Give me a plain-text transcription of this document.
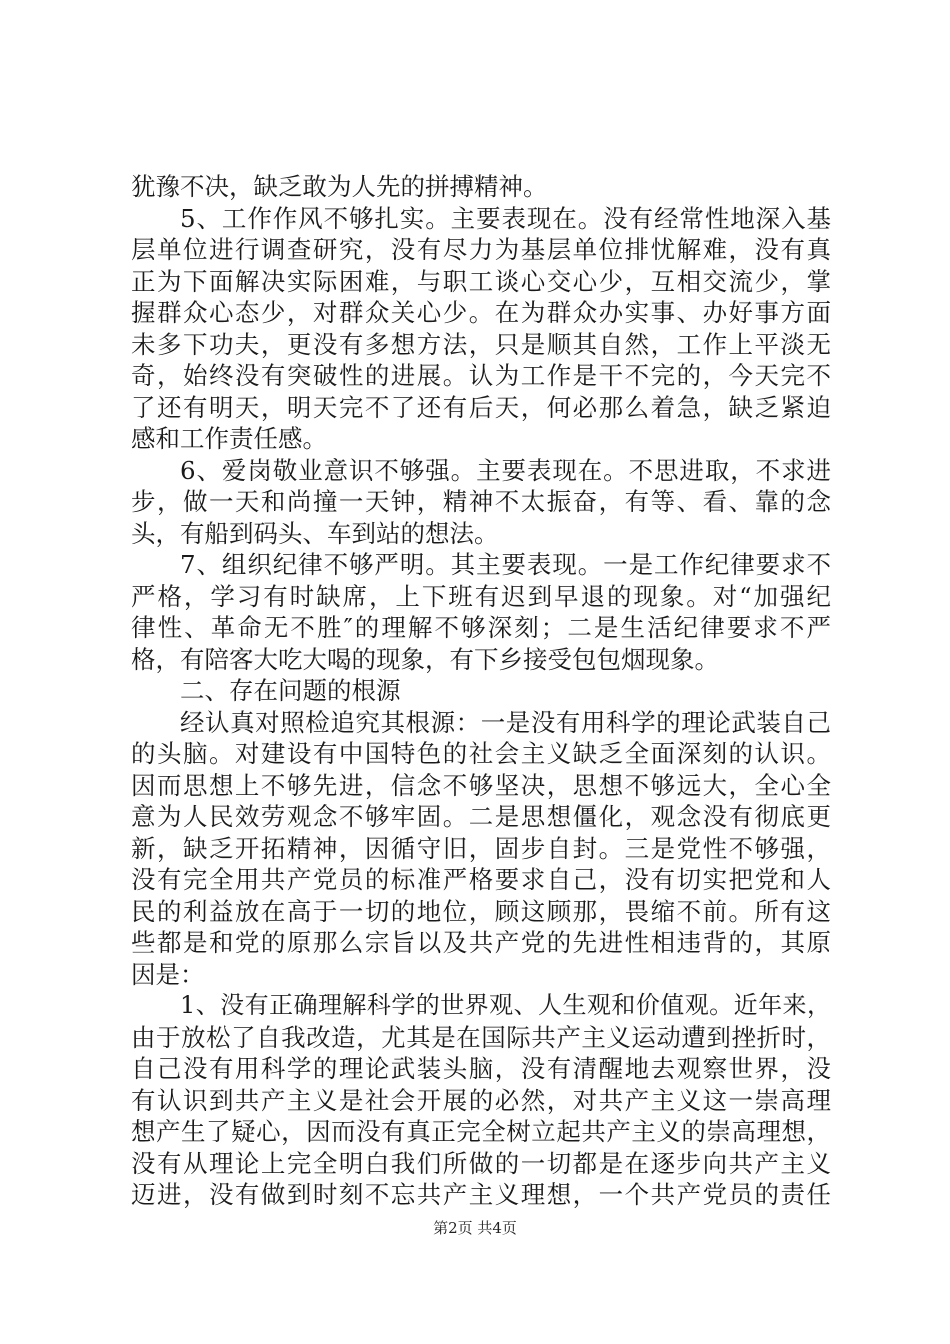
犹豫不决，缺乏敢为人先的拼搏精神。
5、工作作风不够扎实。主要表现在。没有经常性地深入基
层单位进行调查研究，没有尽力为基层单位排忧解难，没有真
正为下面解决实际困难，与职工谈心交心少，互相交流少，掌
握群众心态少，对群众关心少。在为群众办实事、办好事方面
未多下功夫，更没有多想方法，只是顺其自然，工作上平淡无
奇，始终没有突破性的进展。认为工作是干不完的，今天完不
了还有明天，明天完不了还有后天，何必那么着急，缺乏紧迫
感和工作责任感。
6、爱岗敬业意识不够强。主要表现在。不思进取，不求进
步，做一天和尚撞一天钟，精神不太振奋，有等、看、靠的念
头，有船到码头、车到站的想法。
7、组织纪律不够严明。其主要表现。一是工作纪律要求不
严格，学习有时缺席，上下班有迟到早退的现象。对“加强纪
律性、革命无不胜″的理解不够深刻；二是生活纪律要求不严
格，有陪客大吃大喝的现象，有下乡接受包包烟现象。
二、存在问题的根源
经认真对照检追究其根源：一是没有用科学的理论武装自己
的头脑。对建设有中国特色的社会主义缺乏全面深刻的认识。
因而思想上不够先进，信念不够坚决，思想不够远大，全心全
意为人民效劳观念不够牢固。二是思想僵化，观念没有彻底更
新，缺乏开拓精神，因循守旧，固步自封。三是党性不够强，
没有完全用共产党员的标准严格要求自己，没有切实把党和人
民的利益放在高于一切的地位，顾这顾那，畏缩不前。所有这
些都是和党的原那么宗旨以及共产党的先进性相违背的，其原
因是：
1、没有正确理解科学的世界观、人生观和价值观。近年来，
由于放松了自我改造，尤其是在国际共产主义运动遭到挫折时，
自己没有用科学的理论武装头脑，没有清醒地去观察世界，没
有认识到共产主义是社会开展的必然，对共产主义这一崇高理
想产生了疑心，因而没有真正完全树立起共产主义的崇高理想，
没有从理论上完全明白我们所做的一切都是在逐步向共产主义
迈进，没有做到时刻不忘共产主义理想，一个共产党员的责任
第2页 共4页
